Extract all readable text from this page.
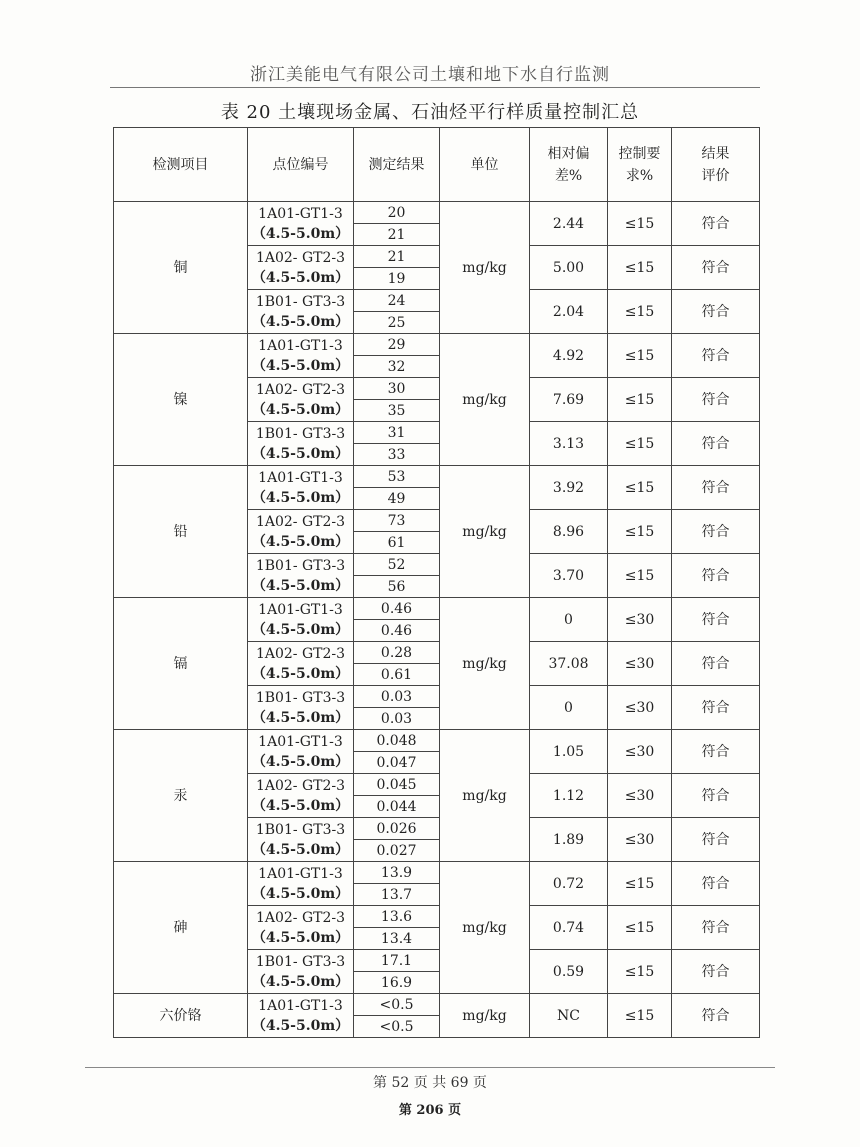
浙江美能电气有限公司土壤和地下水自行监测
表 20 土壤现场金属、石油烃平行样质量控制汇总
检测项目	点位编号	测定结果	单位	相对偏
差%	控制要
求%	结果
评价
铜	1A01-GT1-3
（4.5-5.0m）	20	mg/kg	2.44	≤15	符合
		21				

	1A02- GT2-3
（4.5-5.0m）	21		5.00	≤15	符合
		19				

	1B01- GT3-3
（4.5-5.0m）	24		2.04	≤15	符合
		25				
镍	1A01-GT1-3
（4.5-5.0m）	29	mg/kg	4.92	≤15	符合
		32				

	1A02- GT2-3
（4.5-5.0m）	30		7.69	≤15	符合
		35				

	1B01- GT3-3
（4.5-5.0m）	31		3.13	≤15	符合
		33				
铅	1A01-GT1-3
（4.5-5.0m）	53	mg/kg	3.92	≤15	符合
		49				

	1A02- GT2-3
（4.5-5.0m）	73		8.96	≤15	符合
		61				

	1B01- GT3-3
（4.5-5.0m）	52		3.70	≤15	符合
		56				
镉	1A01-GT1-3
（4.5-5.0m）	0.46	mg/kg	0	≤30	符合
		0.46				

	1A02- GT2-3
（4.5-5.0m）	0.28		37.08	≤30	符合
		0.61				

	1B01- GT3-3
（4.5-5.0m）	0.03		0	≤30	符合
		0.03				
汞	1A01-GT1-3
（4.5-5.0m）	0.048	mg/kg	1.05	≤30	符合
		0.047				

	1A02- GT2-3
（4.5-5.0m）	0.045		1.12	≤30	符合
		0.044				

	1B01- GT3-3
（4.5-5.0m）	0.026		1.89	≤30	符合
		0.027				
砷	1A01-GT1-3
（4.5-5.0m）	13.9	mg/kg	0.72	≤15	符合
		13.7				

	1A02- GT2-3
（4.5-5.0m）	13.6		0.74	≤15	符合
		13.4				

	1B01- GT3-3
（4.5-5.0m）	17.1		0.59	≤15	符合
		16.9				
六价铬	1A01-GT1-3
（4.5-5.0m）	<0.5	mg/kg	NC	≤15	符合
		<0.5				
第 52 页 共 69 页
第 206 页
